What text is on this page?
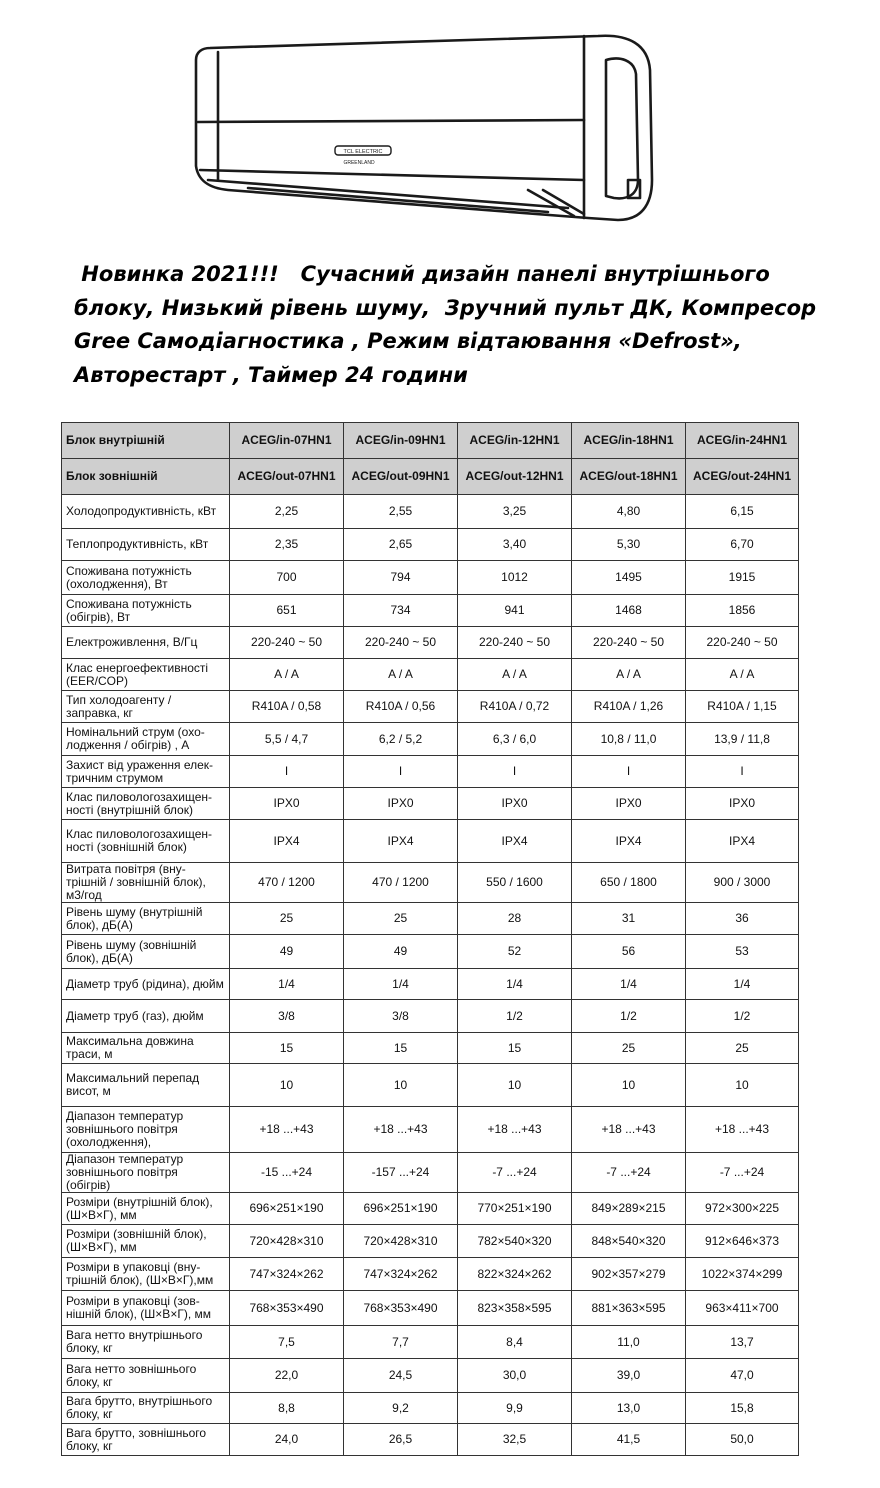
TCL ELECTRIC
GREENLAND
Новинка 2021!!!   Сучасний дизайн панелі внутрішнього
блоку, Низький рівень шуму,  Зручний пульт ДК, Компресор
Gree Самодіагностика , Режим відтаювання «Defrost»,
Авторестарт , Таймер 24 години
Блок внутрішній	ACEG/in-07HN1	ACEG/in-09HN1	ACEG/in-12HN1	ACEG/in-18HN1	ACEG/in-24HN1
Блок зовнішній	ACEG/out-07HN1	ACEG/out-09HN1	ACEG/out-12HN1	ACEG/out-18HN1	ACEG/out-24HN1
Холодопродуктивність, кВт	2,25	2,55	3,25	4,80	6,15
Теплопродуктивність, кВт	2,35	2,65	3,40	5,30	6,70
Споживана потужність (охолодження), Вт	700	794	1012	1495	1915
Споживана потужність (обігрів), Вт	651	734	941	1468	1856
Електроживлення, В/Гц	220-240 ~ 50	220-240 ~ 50	220-240 ~ 50	220-240 ~ 50	220-240 ~ 50
Клас енергоефективності (EER/COP)	A / A	A / A	A / A	A / A	A / A
Тип холодоагенту / заправка, кг	R410A / 0,58	R410A / 0,56	R410A / 0,72	R410A / 1,26	R410A / 1,15
Номінальний струм (охо-лодження / обігрів) , А	5,5 / 4,7	6,2 / 5,2	6,3 / 6,0	10,8 / 11,0	13,9 / 11,8
Захист від ураження елек-тричним струмом	I	I	I	I	I
Клас пиловологозахищен-ності (внутрішній блок)	IPX0	IPX0	IPX0	IPX0	IPX0
Клас пиловологозахищен-ності (зовнішній блок)	IPX4	IPX4	IPX4	IPX4	IPX4
Витрата повітря (вну-трішній / зовнішній блок), м3/год	470 / 1200	470 / 1200	550 / 1600	650 / 1800	900 / 3000
Рівень шуму (внутрішній блок), дБ(А)	25	25	28	31	36
Рівень шуму (зовнішній блок), дБ(А)	49	49	52	56	53
Діаметр труб (рідина), дюйм	1/4	1/4	1/4	1/4	1/4
Діаметр труб (газ), дюйм	3/8	3/8	1/2	1/2	1/2
Максимальна довжина траси, м	15	15	15	25	25
Максимальний перепад висот, м	10	10	10	10	10
Діапазон температур зовнішнього повітря (охолодження),	+18 ...+43	+18 ...+43	+18 ...+43	+18 ...+43	+18 ...+43
Діапазон температур зовнішнього повітря (обігрів)	-15 ...+24	-157 ...+24	-7 ...+24	-7 ...+24	-7 ...+24
Розміри (внутрішній блок), (Ш×В×Г), мм	696×251×190	696×251×190	770×251×190	849×289×215	972×300×225
Розміри (зовнішній блок), (Ш×В×Г), мм	720×428×310	720×428×310	782×540×320	848×540×320	912×646×373
Розміри в упаковці (вну-трішній блок), (Ш×В×Г),мм	747×324×262	747×324×262	822×324×262	902×357×279	1022×374×299
Розміри в упаковці (зов-нішній блок), (Ш×В×Г), мм	768×353×490	768×353×490	823×358×595	881×363×595	963×411×700
Вага нетто внутрішнього блоку, кг	7,5	7,7	8,4	11,0	13,7
Вага нетто зовнішнього блоку, кг	22,0	24,5	30,0	39,0	47,0
Вага брутто, внутрішнього блоку, кг	8,8	9,2	9,9	13,0	15,8
Вага брутто, зовнішнього блоку, кг	24,0	26,5	32,5	41,5	50,0
